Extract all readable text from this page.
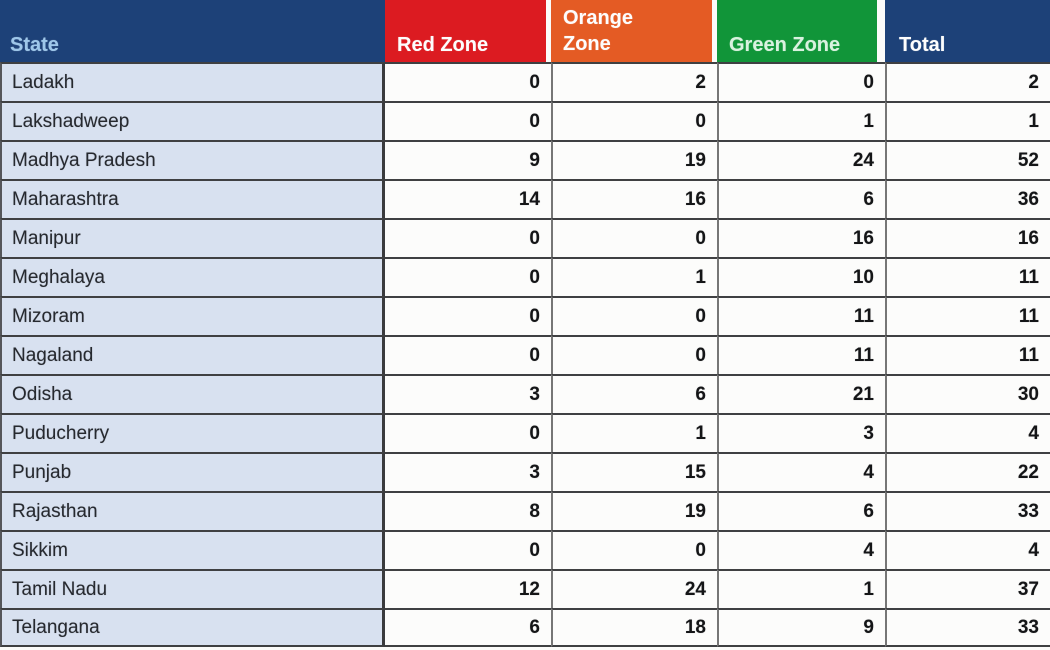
State	Red Zone	Orange Zone	Green Zone	Total
Ladakh	0	2	0	2
Lakshadweep	0	0	1	1
Madhya Pradesh	9	19	24	52
Maharashtra	14	16	6	36
Manipur	0	0	16	16
Meghalaya	0	1	10	11
Mizoram	0	0	11	11
Nagaland	0	0	11	11
Odisha	3	6	21	30
Puducherry	0	1	3	4
Punjab	3	15	4	22
Rajasthan	8	19	6	33
Sikkim	0	0	4	4
Tamil Nadu	12	24	1	37
Telangana	6	18	9	33
